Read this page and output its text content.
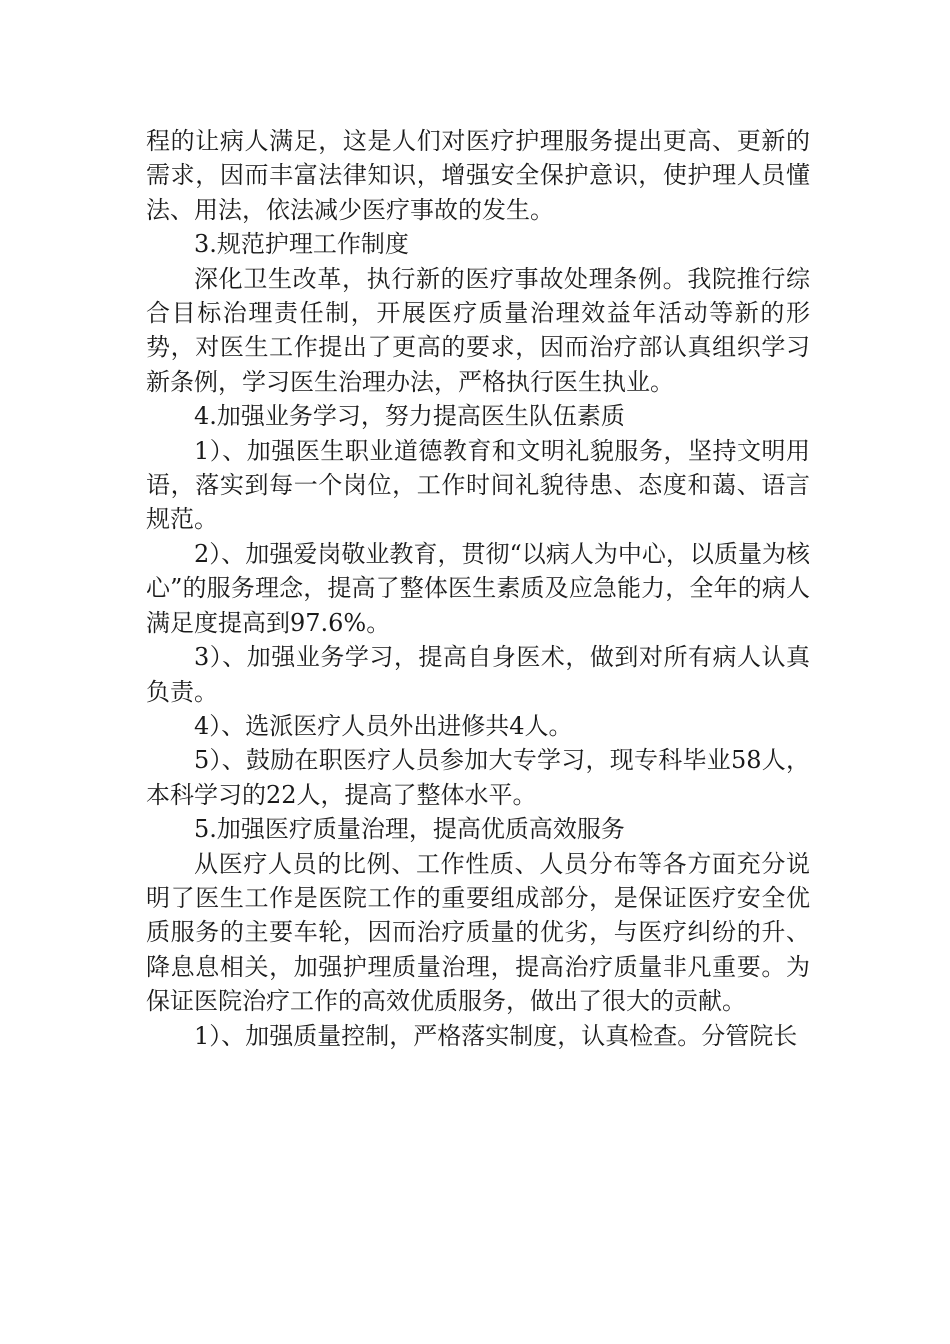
程的让病人满足，这是人们对医疗护理服务提出更高、更新的需求，因而丰富法律知识，增强安全保护意识，使护理人员懂法、用法，依法减少医疗事故的发生。

3.规范护理工作制度

深化卫生改革，执行新的医疗事故处理条例。我院推行综合目标治理责任制，开展医疗质量治理效益年活动等新的形势，对医生工作提出了更高的要求，因而治疗部认真组织学习新条例，学习医生治理办法，严格执行医生执业。

4.加强业务学习，努力提高医生队伍素质

1）、加强医生职业道德教育和文明礼貌服务，坚持文明用语，落实到每一个岗位，工作时间礼貌待患、态度和蔼、语言规范。

2）、加强爱岗敬业教育，贯彻“以病人为中心，以质量为核心”的服务理念，提高了整体医生素质及应急能力，全年的病人满足度提高到97.6%。

3）、加强业务学习，提高自身医术，做到对所有病人认真负责。

4）、选派医疗人员外出进修共4人。

5）、鼓励在职医疗人员参加大专学习，现专科毕业58人，本科学习的22人，提高了整体水平。

5.加强医疗质量治理，提高优质高效服务

从医疗人员的比例、工作性质、人员分布等各方面充分说明了医生工作是医院工作的重要组成部分，是保证医疗安全优质服务的主要车轮，因而治疗质量的优劣，与医疗纠纷的升、降息息相关，加强护理质量治理，提高治疗质量非凡重要。为保证医院治疗工作的高效优质服务，做出了很大的贡献。

1）、加强质量控制，严格落实制度，认真检查。分管院长
